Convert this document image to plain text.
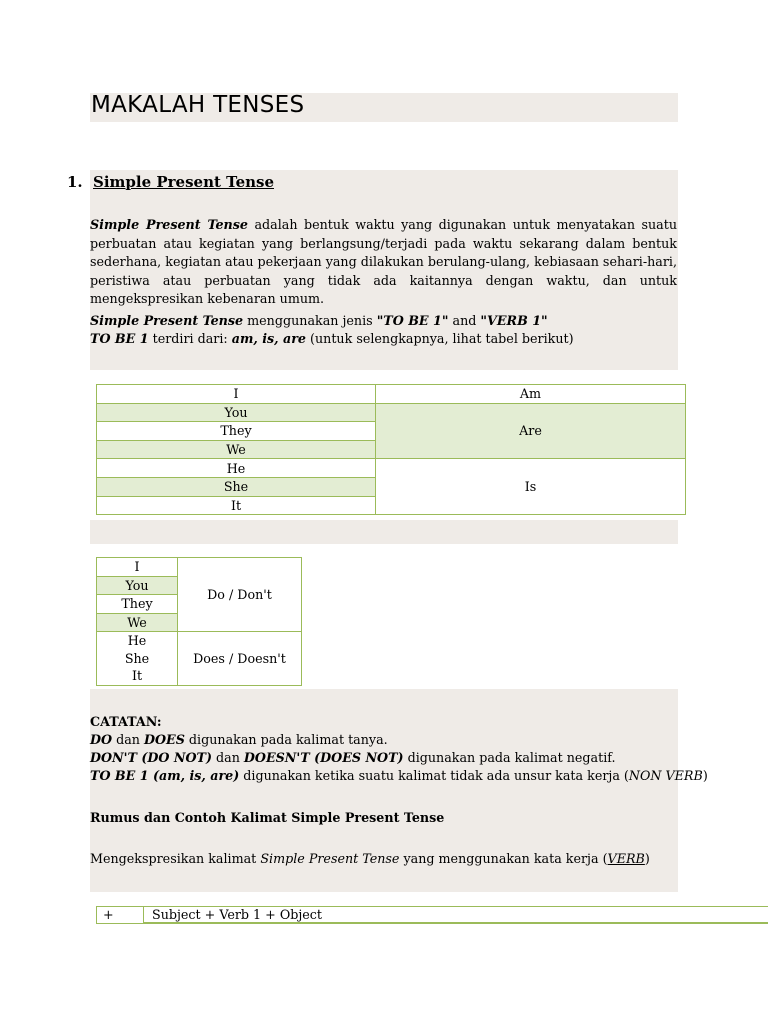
MAKALAH TENSES
1. Simple Present Tense
Simple Present Tense adalah bentuk waktu yang digunakan untuk menyatakan suatu perbuatan atau kegiatan yang berlangsung/terjadi pada waktu sekarang dalam bentuk sederhana, kegiatan atau pekerjaan yang dilakukan berulang-ulang, kebiasaan sehari-hari, peristiwa atau perbuatan yang tidak ada kaitannya dengan waktu, dan untuk mengekspresikan kebenaran umum.
Simple Present Tense menggunakan jenis "TO BE 1" and "VERB 1"
TO BE 1 terdiri dari: am, is, are (untuk selengkapnya, lihat tabel berikut)
I	Am
You	Are
They	
We	
He	Is
She	
It	
I	Do / Don't
You	
They	
We	

He
She
It	Does / Doesn't
CATATAN:
DO dan DOES digunakan pada kalimat tanya.
DON'T (DO NOT) dan DOESN'T (DOES NOT) digunakan pada kalimat negatif.
TO BE 1 (am, is, are) digunakan ketika suatu kalimat tidak ada unsur kata kerja (NON VERB)
Rumus dan Contoh Kalimat Simple Present Tense
Mengekspresikan kalimat Simple Present Tense yang menggunakan kata kerja (VERB)
+	Subject + Verb 1 + Object
